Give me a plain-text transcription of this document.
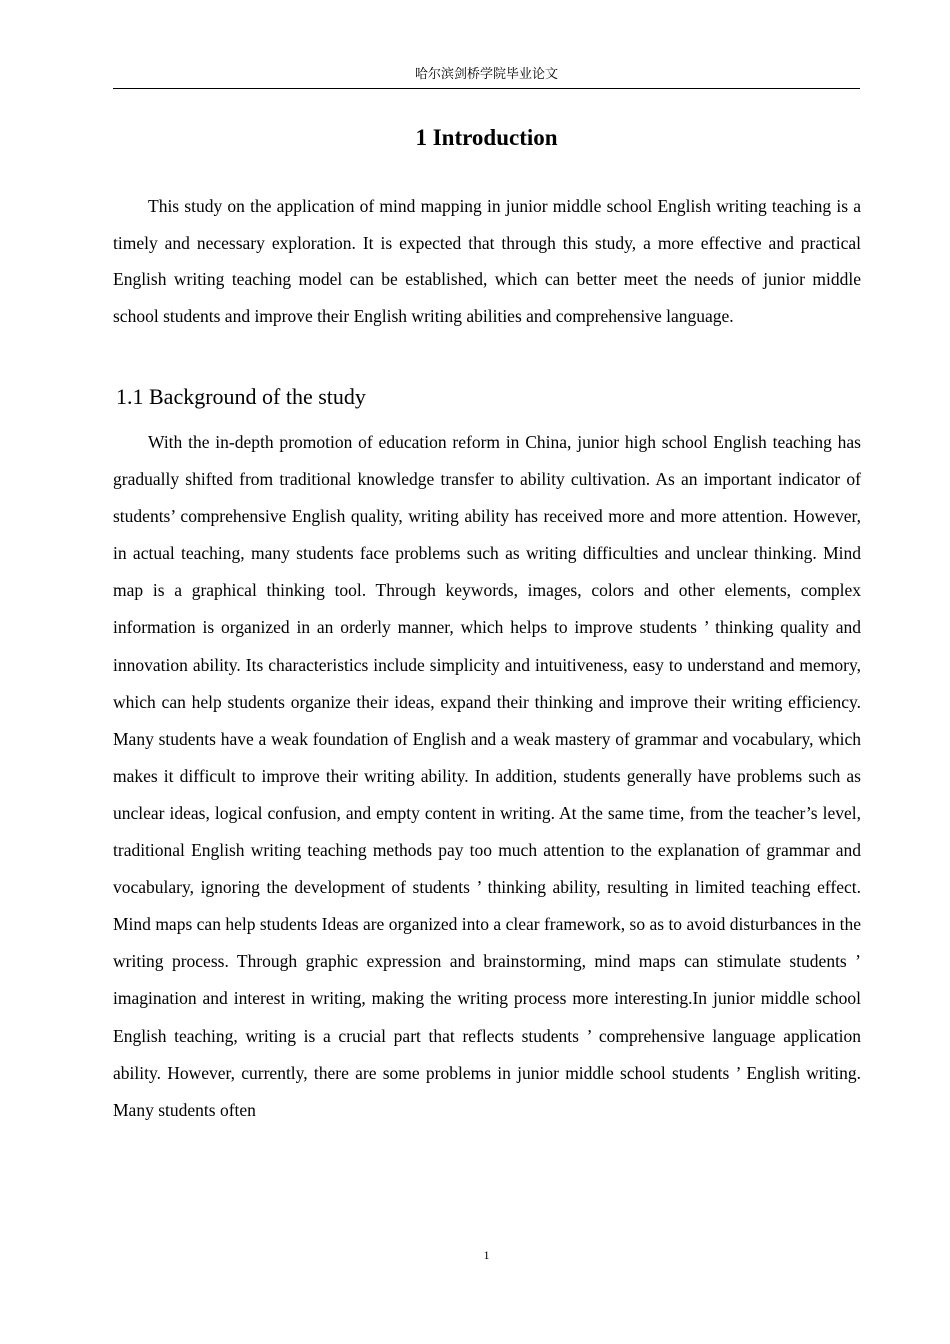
哈尔滨剑桥学院毕业论文
1 Introduction

This study on the application of mind mapping in junior middle school English writing teaching is a timely and necessary exploration. It is expected that through this study, a more effective and practical English writing teaching model can be established, which can better meet the needs of junior middle school students and improve their English writing abilities and comprehensive language.

1.1 Background of the study

With the in-depth promotion of education reform in China, junior high school English teaching has gradually shifted from traditional knowledge transfer to ability cultivation. As an important indicator of students’ comprehensive English quality, writing ability has received more and more attention. However, in actual teaching, many students face problems such as writing difficulties and unclear thinking. Mind map is a graphical thinking tool. Through keywords, images, colors and other elements, complex information is organized in an orderly manner, which helps to improve students ’ thinking quality and innovation ability. Its characteristics include simplicity and intuitiveness, easy to understand and memory, which can help students organize their ideas, expand their thinking and improve their writing efficiency. Many students have a weak foundation of English and a weak mastery of grammar and vocabulary, which makes it difficult to improve their writing ability. In addition, students generally have problems such as unclear ideas, logical confusion, and empty content in writing. At the same time, from the teacher’s level, traditional English writing teaching methods pay too much attention to the explanation of grammar and vocabulary, ignoring the development of students ’ thinking ability, resulting in limited teaching effect. Mind maps can help students Ideas are organized into a clear framework, so as to avoid disturbances in the writing process. Through graphic expression and brainstorming, mind maps can stimulate students ’ imagination and interest in writing, making the writing process more interesting.In junior middle school English teaching, writing is a crucial part that reflects students ’ comprehensive language application ability. However, currently, there are some problems in junior middle school students ’ English writing. Many students often

1
